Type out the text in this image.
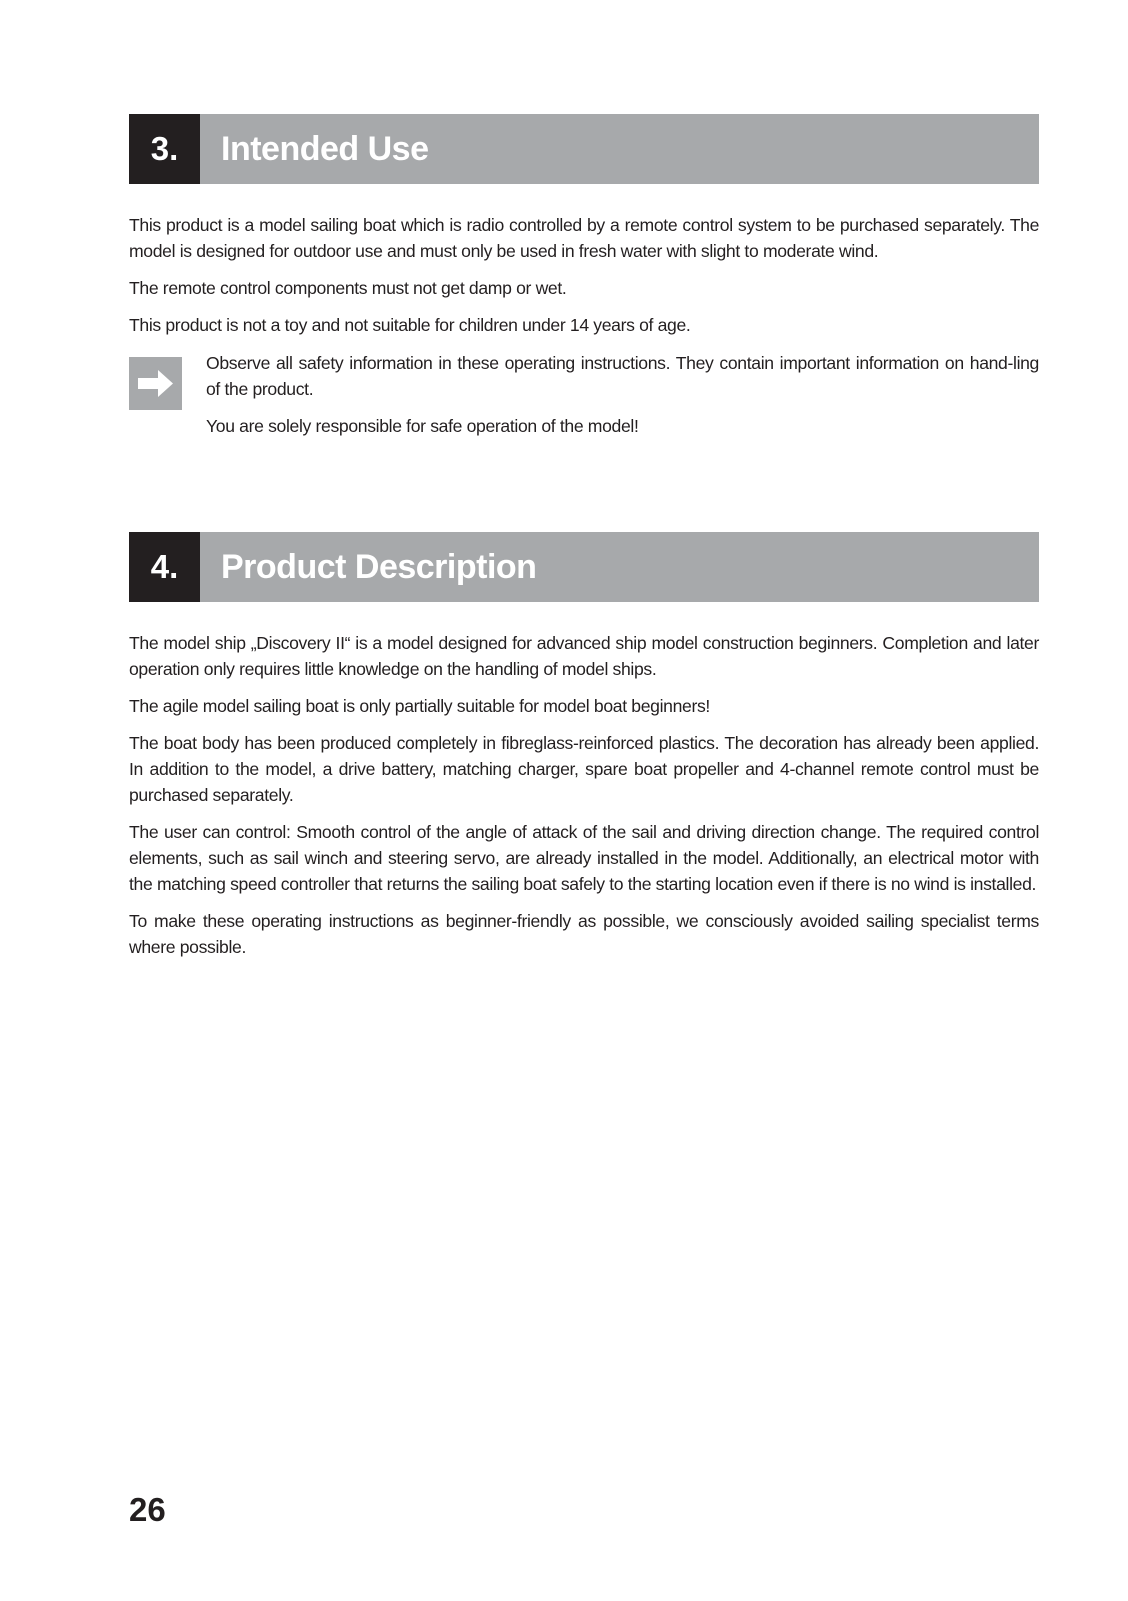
3.	Intended Use

This product is a model sailing boat which is radio controlled by a remote control system to be purchased separately. The model is designed for outdoor use and must only be used in fresh water with slight to moderate wind.

The remote control components must not get damp or wet.

This product is not a toy and not suitable for children under 14 years of age.

Observe all safety information in these operating instructions. They contain important information on hand-ling of the product.

You are solely responsible for safe operation of the model!

4.	Product Description

The model ship „Discovery II“ is a model designed for advanced ship model construction beginners. Completion and later operation only requires little knowledge on the handling of model ships.

The agile model sailing boat is only partially suitable for model boat beginners!

The boat body has been produced completely in fibreglass-reinforced plastics. The decoration has already been applied. In addition to the model, a drive battery, matching charger, spare boat propeller and 4-channel remote control must be purchased separately.

The user can control: Smooth control of the angle of attack of the sail and driving direction change. The required control elements, such as sail winch and steering servo, are already installed in the model. Additionally, an electrical motor with the matching speed controller that returns the sailing boat safely to the starting location even if there is no wind is installed.

To make these operating instructions as beginner-friendly as possible, we consciously avoided sailing specialist terms where possible.

26
